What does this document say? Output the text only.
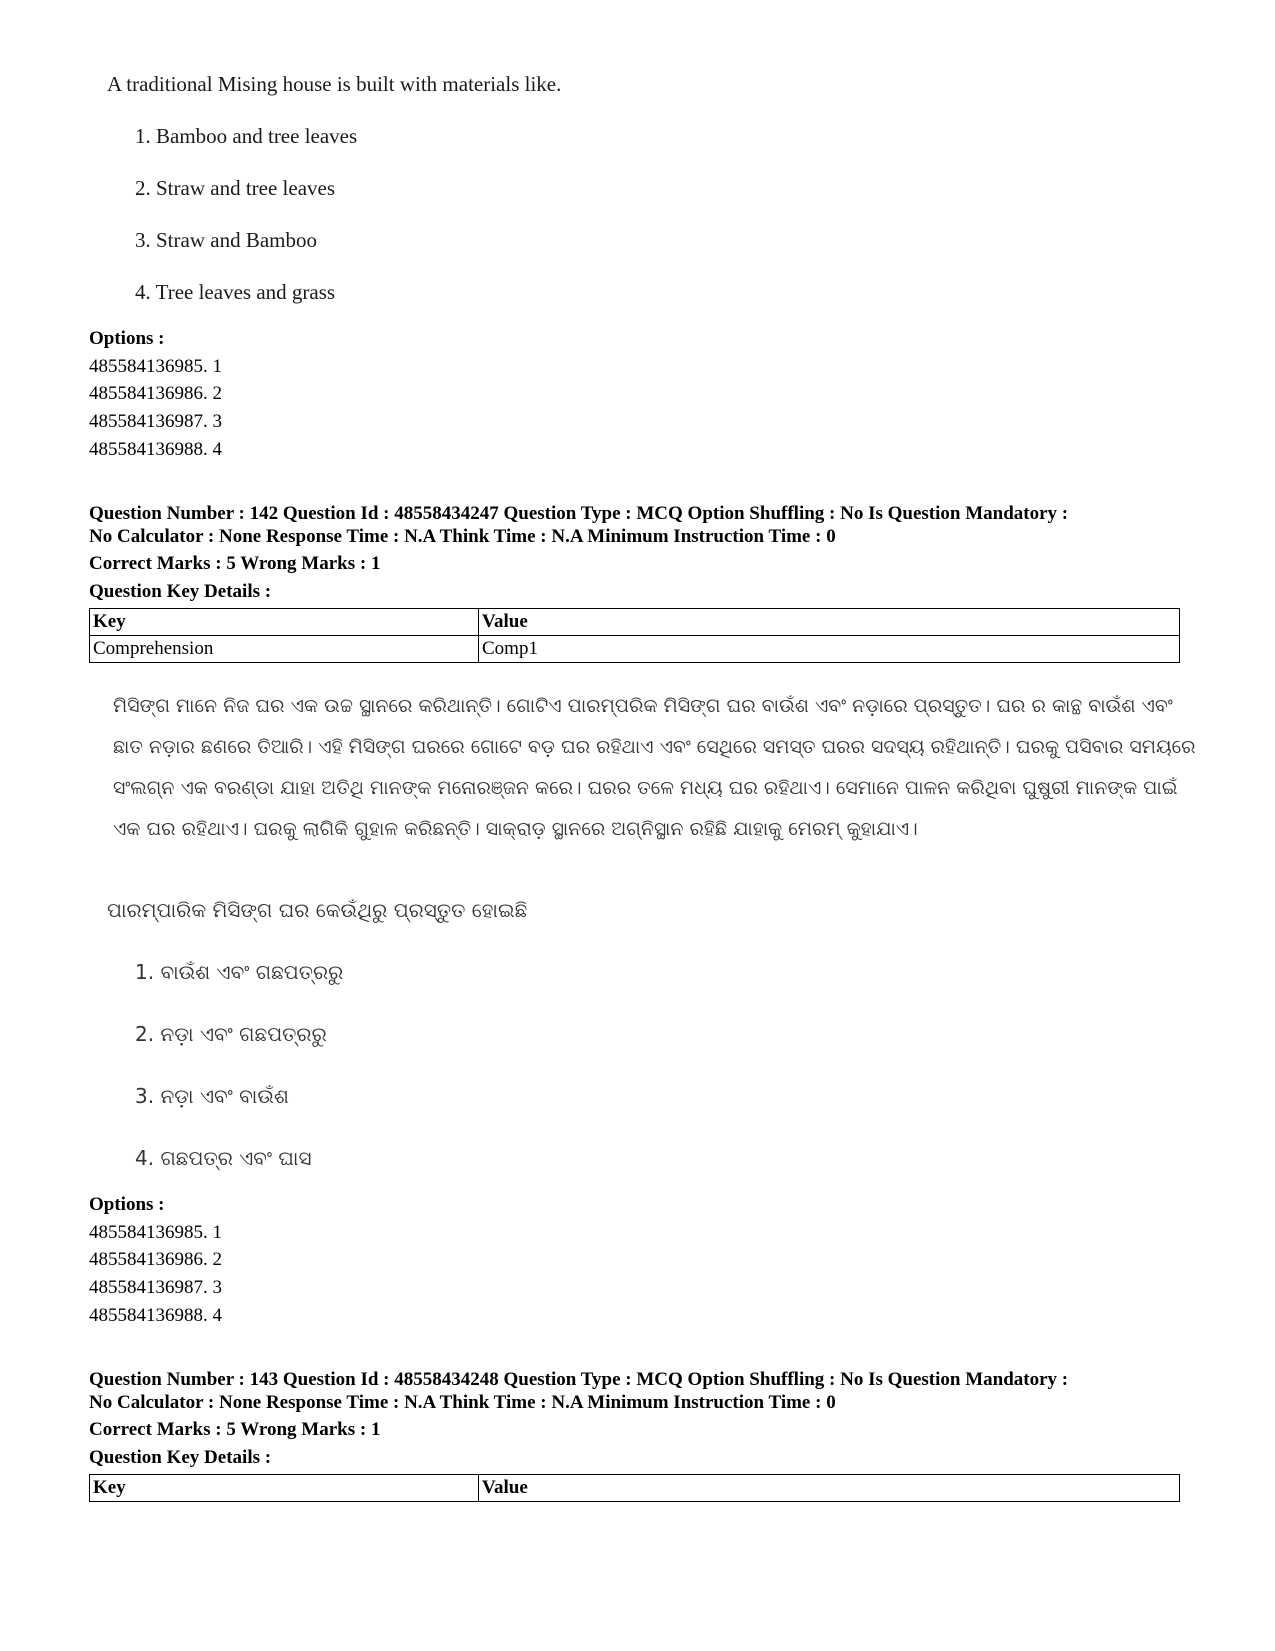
A traditional Mising house is built with materials like.
1. Bamboo and tree leaves
2. Straw and tree leaves
3. Straw and Bamboo
4. Tree leaves and grass
Options :
485584136985. 1
485584136986. 2
485584136987. 3
485584136988. 4
Question Number : 142 Question Id : 48558434247 Question Type : MCQ Option Shuffling : No Is Question Mandatory :
No Calculator : None Response Time : N.A Think Time : N.A Minimum Instruction Time : 0
Correct Marks : 5 Wrong Marks : 1
Question Key Details :
Key	Value
Comprehension	Comp1
ମିସିଙ୍ଗ ମାନେ ନିଜ ଘର ଏକ ଉଚ୍ଚ ସ୍ଥାନରେ କରିଥାନ୍ତି। ଗୋଟିଏ ପାରମ୍ପରିକ ମିସିଙ୍ଗ ଘର ବାଉଁଶ ଏବଂ ନଡ଼ାରେ ପ୍ରସ୍ତୁତ। ଘର ର କାନ୍ଥ ବାଉଁଶ ଏବଂ ଛାତ ନଡ଼ାର ଛଣରେ ତିଆରି। ଏହି ମିସିଙ୍ଗ ଘରରେ ଗୋଟେ ବଡ଼ ଘର ରହିଥାଏ ଏବଂ ସେଥିରେ ସମସ୍ତ ଘରର ସଦସ୍ୟ ରହିଥାନ୍ତି। ଘରକୁ ପସିବାର ସମୟରେ ସଂଲଗ୍ନ ଏକ ବରଣ୍ଡା ଯାହା ଅତିଥି ମାନଙ୍କ ମନୋରଞ୍ଜନ କରେ। ଘରର ତଳେ ମଧ୍ୟ ଘର ରହିଥାଏ। ସେମାନେ ପାଳନ କରିଥିବା ଘୁଷୁରୀ ମାନଙ୍କ ପାଇଁ ଏକ ଘର ରହିଥାଏ। ଘରକୁ ଲାଗିକି ଗୁହାଳ କରିଛନ୍ତି। ସାକ୍ରାଡ଼ ସ୍ଥାନରେ ଅଗ୍ନିସ୍ଥାନ ରହିଛି ଯାହାକୁ ମେରମ୍ କୁହାଯାଏ।
ପାରମ୍ପାରିକ ମିସିଙ୍ଗ ଘର କେଉଁଥିରୁ ପ୍ରସ୍ତୁତ ହୋଇଛି
1. ବାଉଁଶ ଏବଂ ଗଛପତ୍ରରୁ
2. ନଡ଼ା ଏବଂ ଗଛପତ୍ରରୁ
3. ନଡ଼ା ଏବଂ ବାଉଁଶ
4. ଗଛପତ୍ର ଏବଂ ଘାସ
Options :
485584136985. 1
485584136986. 2
485584136987. 3
485584136988. 4
Question Number : 143 Question Id : 48558434248 Question Type : MCQ Option Shuffling : No Is Question Mandatory :
No Calculator : None Response Time : N.A Think Time : N.A Minimum Instruction Time : 0
Correct Marks : 5 Wrong Marks : 1
Question Key Details :
Key	Value
